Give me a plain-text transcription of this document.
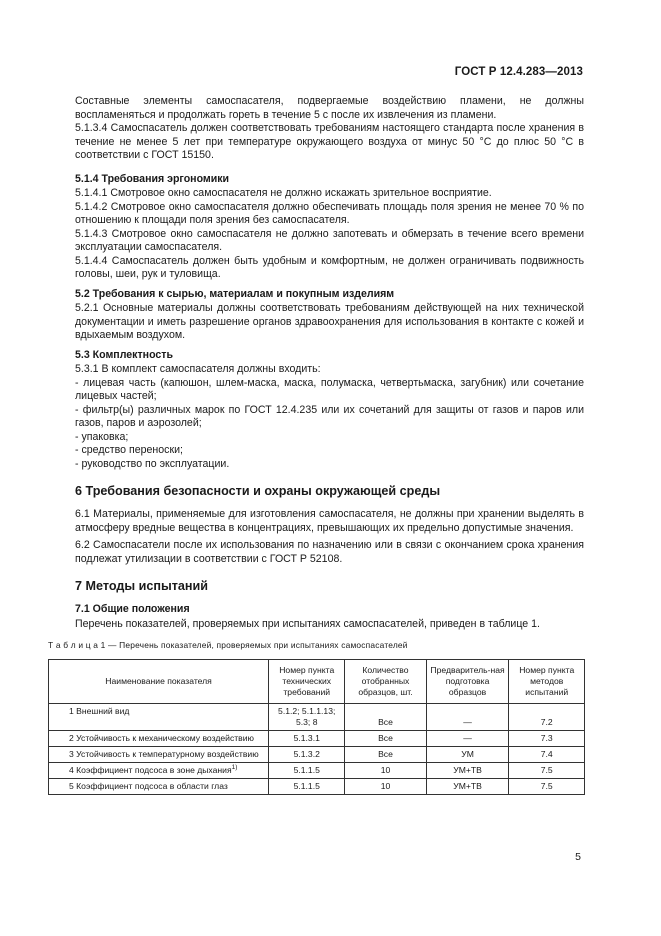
ГОСТ Р 12.4.283—2013

Составные элементы самоспасателя, подвергаемые воздействию пламени, не должны воспламеняться и продолжать гореть в течение 5 с после их извлечения из пламени.

5.1.3.4 Самоспасатель должен соответствовать требованиям настоящего стандарта после хранения в течение не менее 5 лет при температуре окружающего воздуха от минус 50 °С до плюс 50 °С в соответствии с ГОСТ 15150.

5.1.4 Требования эргономики

5.1.4.1 Смотровое окно самоспасателя не должно искажать зрительное восприятие.

5.1.4.2 Смотровое окно самоспасателя должно обеспечивать площадь поля зрения не менее 70 % по отношению к площади поля зрения без самоспасателя.

5.1.4.3 Смотровое окно самоспасателя не должно запотевать и обмерзать в течение всего времени эксплуатации самоспасателя.

5.1.4.4 Самоспасатель должен быть удобным и комфортным, не должен ограничивать подвижность головы, шеи, рук и туловища.

5.2 Требования к сырью, материалам и покупным изделиям

5.2.1 Основные материалы должны соответствовать требованиям действующей на них технической документации и иметь разрешение органов здравоохранения для использования в контакте с кожей и вдыхаемым воздухом.

5.3 Комплектность

5.3.1 В комплект самоспасателя должны входить:

- лицевая часть (капюшон, шлем-маска, маска, полумаска, четвертьмаска, загубник) или сочетание лицевых частей;

- фильтр(ы) различных марок по ГОСТ 12.4.235 или их сочетаний для защиты от газов и паров или газов, паров и аэрозолей;

- упаковка;

- средство переноски;

- руководство по эксплуатации.

6 Требования безопасности и охраны окружающей среды

6.1 Материалы, применяемые для изготовления самоспасателя, не должны при хранении выделять в атмосферу вредные вещества в концентрациях, превышающих их предельно допустимые значения.

6.2 Самоспасатели после их использования по назначению или в связи с окончанием срока хранения подлежат утилизации в соответствии с ГОСТ Р 52108.

7 Методы испытаний

7.1 Общие положения

Перечень показателей, проверяемых при испытаниях самоспасателей, приведен в таблице 1.

Т а б л и ц а 1 — Перечень показателей, проверяемых при испытаниях самоспасателей
Наименование показателя	Номер пункта технических требований	Количество отобранных образцов, шт.	Предваритель-ная подготовка образцов	Номер пункта методов испытаний
1 Внешний вид	5.1.2; 5.1.1.13; 5.3; 8	Все	—	7.2
2 Устойчивость к механическому воздействию	5.1.3.1	Все	—	7.3
3 Устойчивость к температурному воздействию	5.1.3.2	Все	УМ	7.4
4 Коэффициент подсоса в зоне дыхания$^{1)}$	5.1.1.5	10	УМ+ТВ	7.5
5 Коэффициент подсоса в области глаз	5.1.1.5	10	УМ+ТВ	7.5
5
